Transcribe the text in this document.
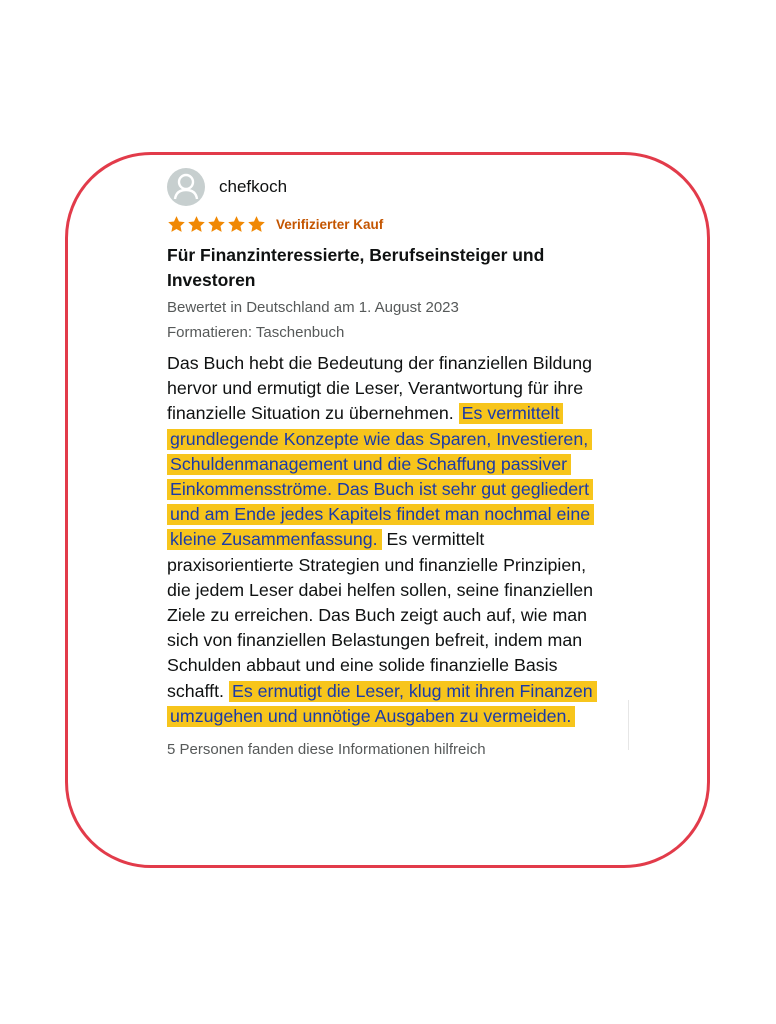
chefkoch
Verifizierter Kauf
Für Finanzinteressierte, Berufseinsteiger und Investoren
Bewertet in Deutschland am 1. August 2023
Formatieren: Taschenbuch
Das Buch hebt die Bedeutung der finanziellen Bildung hervor und ermutigt die Leser, Verantwortung für ihre finanzielle Situation zu übernehmen. Es vermittelt grundlegende Konzepte wie das Sparen, Investieren, Schuldenmanagement und die Schaffung passiver Einkommensströme. Das Buch ist sehr gut gegliedert und am Ende jedes Kapitels findet man nochmal eine kleine Zusammenfassung. Es vermittelt praxisorientierte Strategien und finanzielle Prinzipien, die jedem Leser dabei helfen sollen, seine finanziellen Ziele zu erreichen. Das Buch zeigt auch auf, wie man sich von finanziellen Belastungen befreit, indem man Schulden abbaut und eine solide finanzielle Basis schafft. Es ermutigt die Leser, klug mit ihren Finanzen umzugehen und unnötige Ausgaben zu vermeiden.
5 Personen fanden diese Informationen hilfreich
